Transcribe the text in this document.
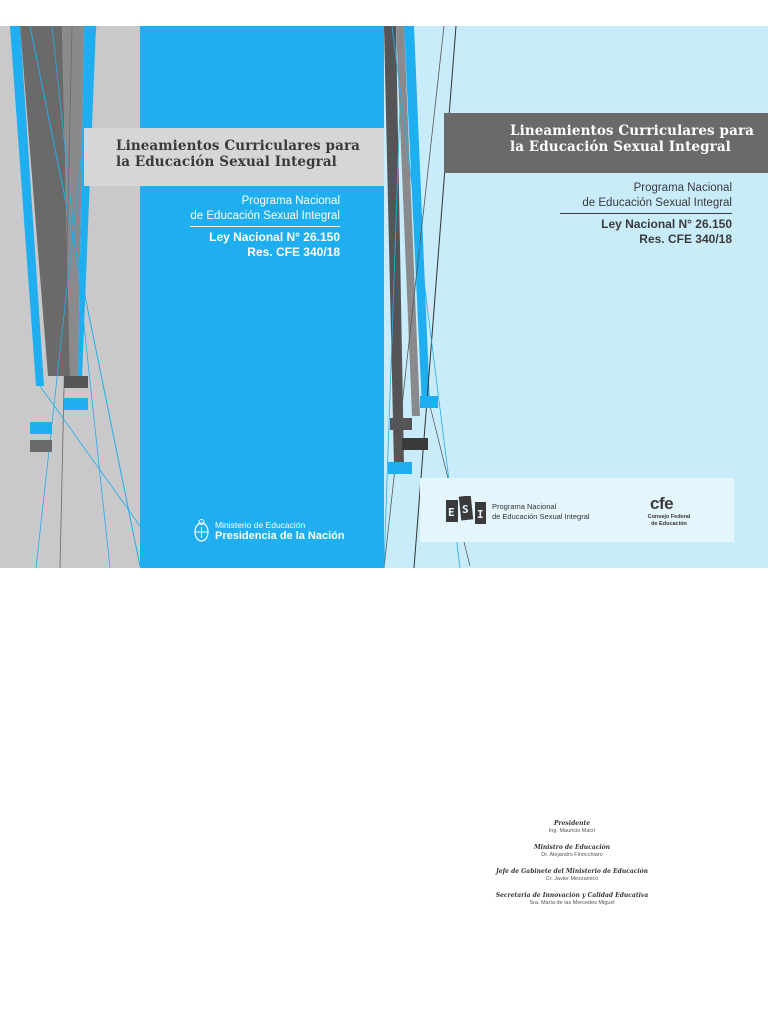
Lineamientos Curriculares para

la Educación Sexual Integral

Programa Nacional

de Educación Sexual Integral

Ley Nacional N° 26.150

Res. CFE 340/18

Ministerio de Educación

Presidencia de la Nación

Lineamientos Curriculares para

la Educación Sexual Integral

Programa Nacional

de Educación Sexual Integral

Ley Nacional N° 26.150

Res. CFE 340/18

E S I

Programa Nacional

de Educación Sexual Integral

cfe

Consejo Federal

de Educación

Presidente

Ing. Mauricio Macri

Ministro de Educación

Dr. Alejandro Finocchiaro

Jefe de Gabinete del Ministerio de Educación

Cr. Javier Mezzamico

Secretaria de Innovación y Calidad Educativa

Sra. María de las Mercedes Miguel
